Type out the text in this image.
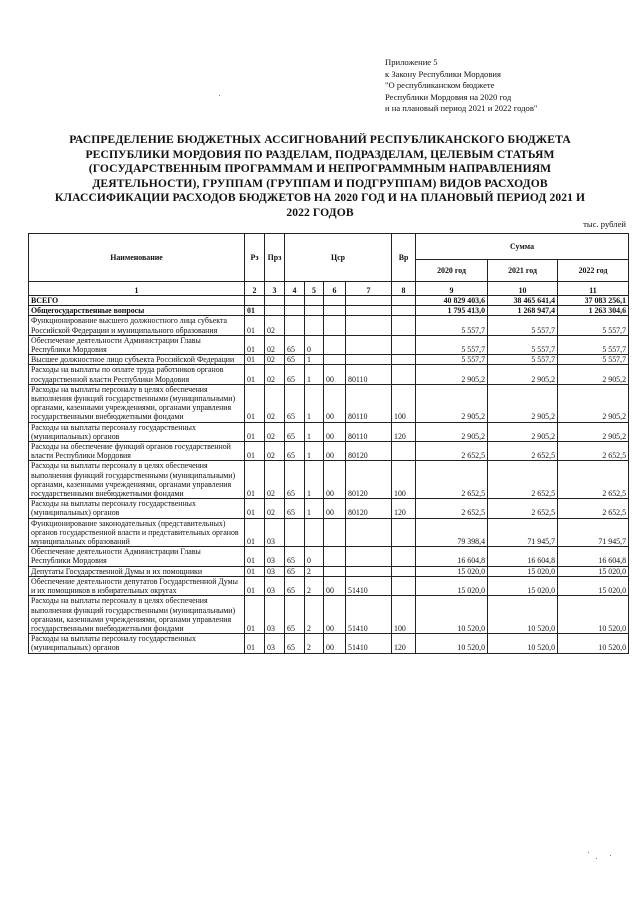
Приложение 5
к Закону Республики Мордовия
"О республиканском бюджете
Республики Мордовия на 2020 год
и на плановый период 2021 и 2022 годов"
РАСПРЕДЕЛЕНИЕ БЮДЖЕТНЫХ АССИГНОВАНИЙ РЕСПУБЛИКАНСКОГО БЮДЖЕТА
РЕСПУБЛИКИ МОРДОВИЯ ПО РАЗДЕЛАМ, ПОДРАЗДЕЛАМ, ЦЕЛЕВЫМ СТАТЬЯМ
(ГОСУДАРСТВЕННЫМ ПРОГРАММАМ И НЕПРОГРАММНЫМ НАПРАВЛЕНИЯМ
ДЕЯТЕЛЬНОСТИ), ГРУППАМ (ГРУППАМ И ПОДГРУППАМ) ВИДОВ РАСХОДОВ
КЛАССИФИКАЦИИ РАСХОДОВ БЮДЖЕТОВ НА 2020 ГОД И НА ПЛАНОВЫЙ ПЕРИОД 2021 И
2022 ГОДОВ
тыс. рублей
Наименование	Рз	Прз	Цср				Вр	Сумма		
								2020 год	2021 год	2022 год
1	2	3	4	5	6	7	8	9	10	11
ВСЕГО								40 829 403,6	38 465 641,4	37 083 256,1
Общегосударственные вопросы	01							1 795 413,0	1 268 947,4	1 263 304,6
Функционирование высшего должностного лица субъекта Российской Федерации и муниципального образования	01	02						5 557,7	5 557,7	5 557,7
Обеспечение деятельности Администрации Главы Республики Мордовия	01	02	65	0				5 557,7	5 557,7	5 557,7
Высшее должностное лицо субъекта Российской Федерации	01	02	65	1				5 557,7	5 557,7	5 557,7
Расходы на выплаты по оплате труда работников органов государственной власти Республики Мордовия	01	02	65	1	00	80110		2 905,2	2 905,2	2 905,2
Расходы на выплаты персоналу в целях обеспечения выполнения функций государственными (муниципальными) органами, казенными учреждениями, органами управления государственными внебюджетными фондами	01	02	65	1	00	80110	100	2 905,2	2 905,2	2 905,2
Расходы на выплаты персоналу государственных (муниципальных) органов	01	02	65	1	00	80110	120	2 905,2	2 905,2	2 905,2
Расходы на обеспечение функций органов государственной власти Республики Мордовия	01	02	65	1	00	80120		2 652,5	2 652,5	2 652,5
Расходы на выплаты персоналу в целях обеспечения выполнения функций государственными (муниципальными) органами, казенными учреждениями, органами управления государственными внебюджетными фондами	01	02	65	1	00	80120	100	2 652,5	2 652,5	2 652,5
Расходы на выплаты персоналу государственных (муниципальных) органов	01	02	65	1	00	80120	120	2 652,5	2 652,5	2 652,5
Функционирование законодательных (представительных) органов государственной власти и представительных органов муниципальных образований	01	03						79 398,4	71 945,7	71 945,7
Обеспечение деятельности Администрации Главы Республики Мордовия	01	03	65	0				16 604,8	16 604,8	16 604,8
Депутаты Государственной Думы и их помощники	01	03	65	2				15 020,0	15 020,0	15 020,0
Обеспечение деятельности депутатов Государственной Думы и их помощников в избирательных округах	01	03	65	2	00	51410		15 020,0	15 020,0	15 020,0
Расходы на выплаты персоналу в целях обеспечения выполнения функций государственными (муниципальными) органами, казенными учреждениями, органами управления государственными внебюджетными фондами	01	03	65	2	00	51410	100	10 520,0	10 520,0	10 520,0
Расходы на выплаты персоналу государственных (муниципальных) органов	01	03	65	2	00	51410	120	10 520,0	10 520,0	10 520,0
